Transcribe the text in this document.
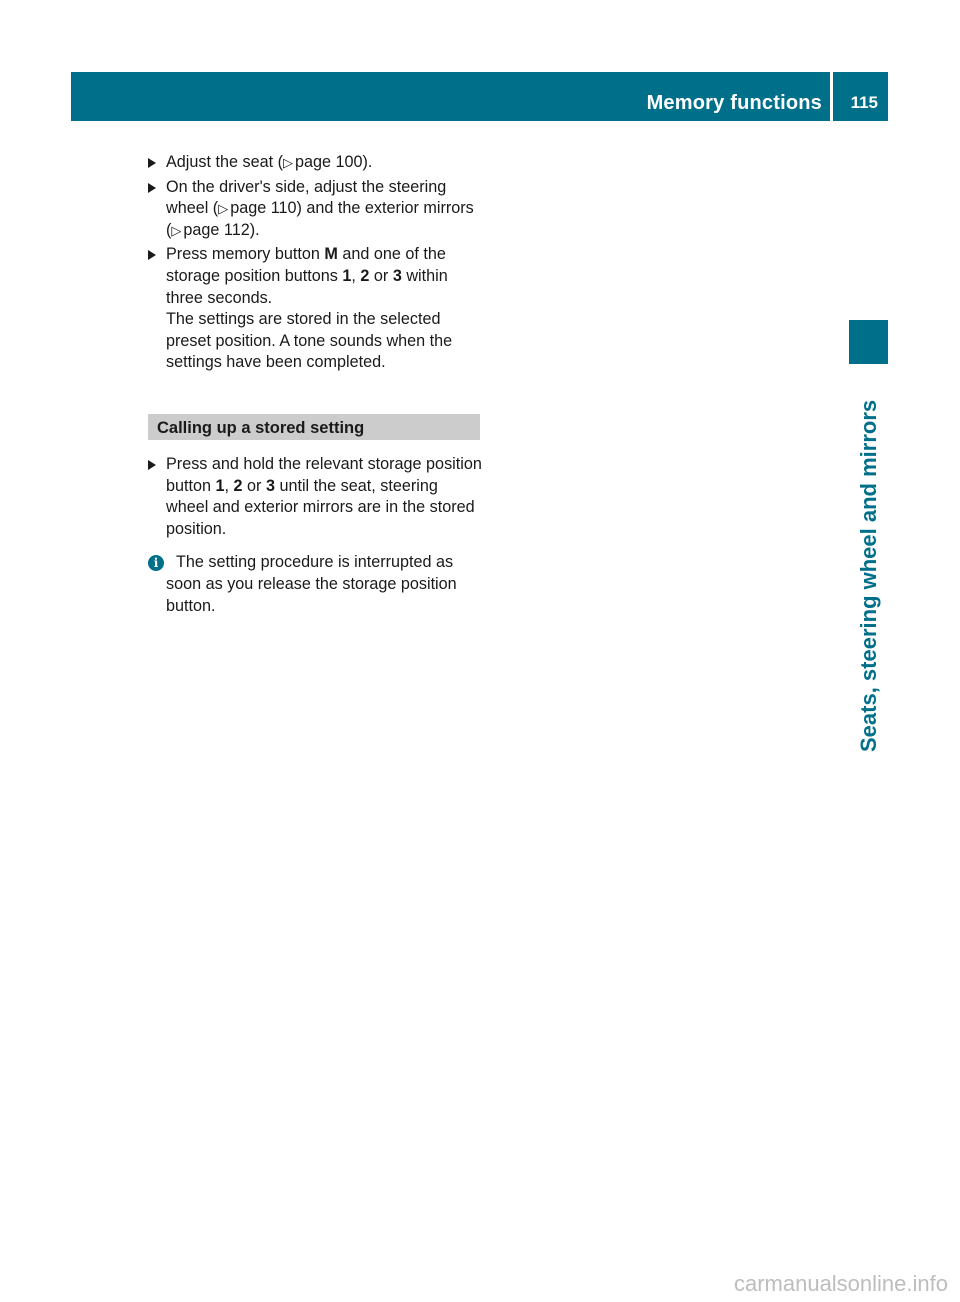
Memory functions 115
Seats, steering wheel and mirrors
Adjust the seat (▷ page 100).
On the driver's side, adjust the steering wheel (▷ page 110) and the exterior mirrors (▷ page 112).
Press memory button M and one of the storage position buttons 1, 2 or 3 within three seconds.
The settings are stored in the selected preset position. A tone sounds when the settings have been completed.
Calling up a stored setting
Press and hold the relevant storage position button 1, 2 or 3 until the seat, steering wheel and exterior mirrors are in the stored position.
i	The setting procedure is interrupted as soon as you release the storage position button.
carmanualsonline.info
